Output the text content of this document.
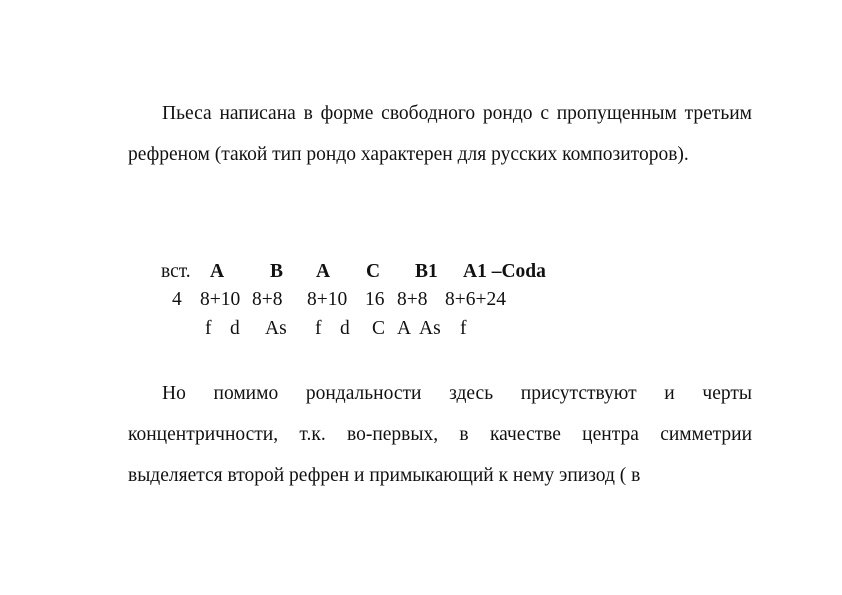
Пьеса написана в форме свободного рондо с пропущенным третьим рефреном (такой тип рондо характерен для русских композиторов).

вст. A B A C B1 A1 –Coda
4 8+10 8+8 8+10 16 8+8 8+6+24
f d As f d C A As f

Но помимо рондальности здесь присутствуют и черты концентричности, т.к. во-первых, в качестве центра симметрии выделяется второй рефрен и примыкающий к нему эпизод ( в
